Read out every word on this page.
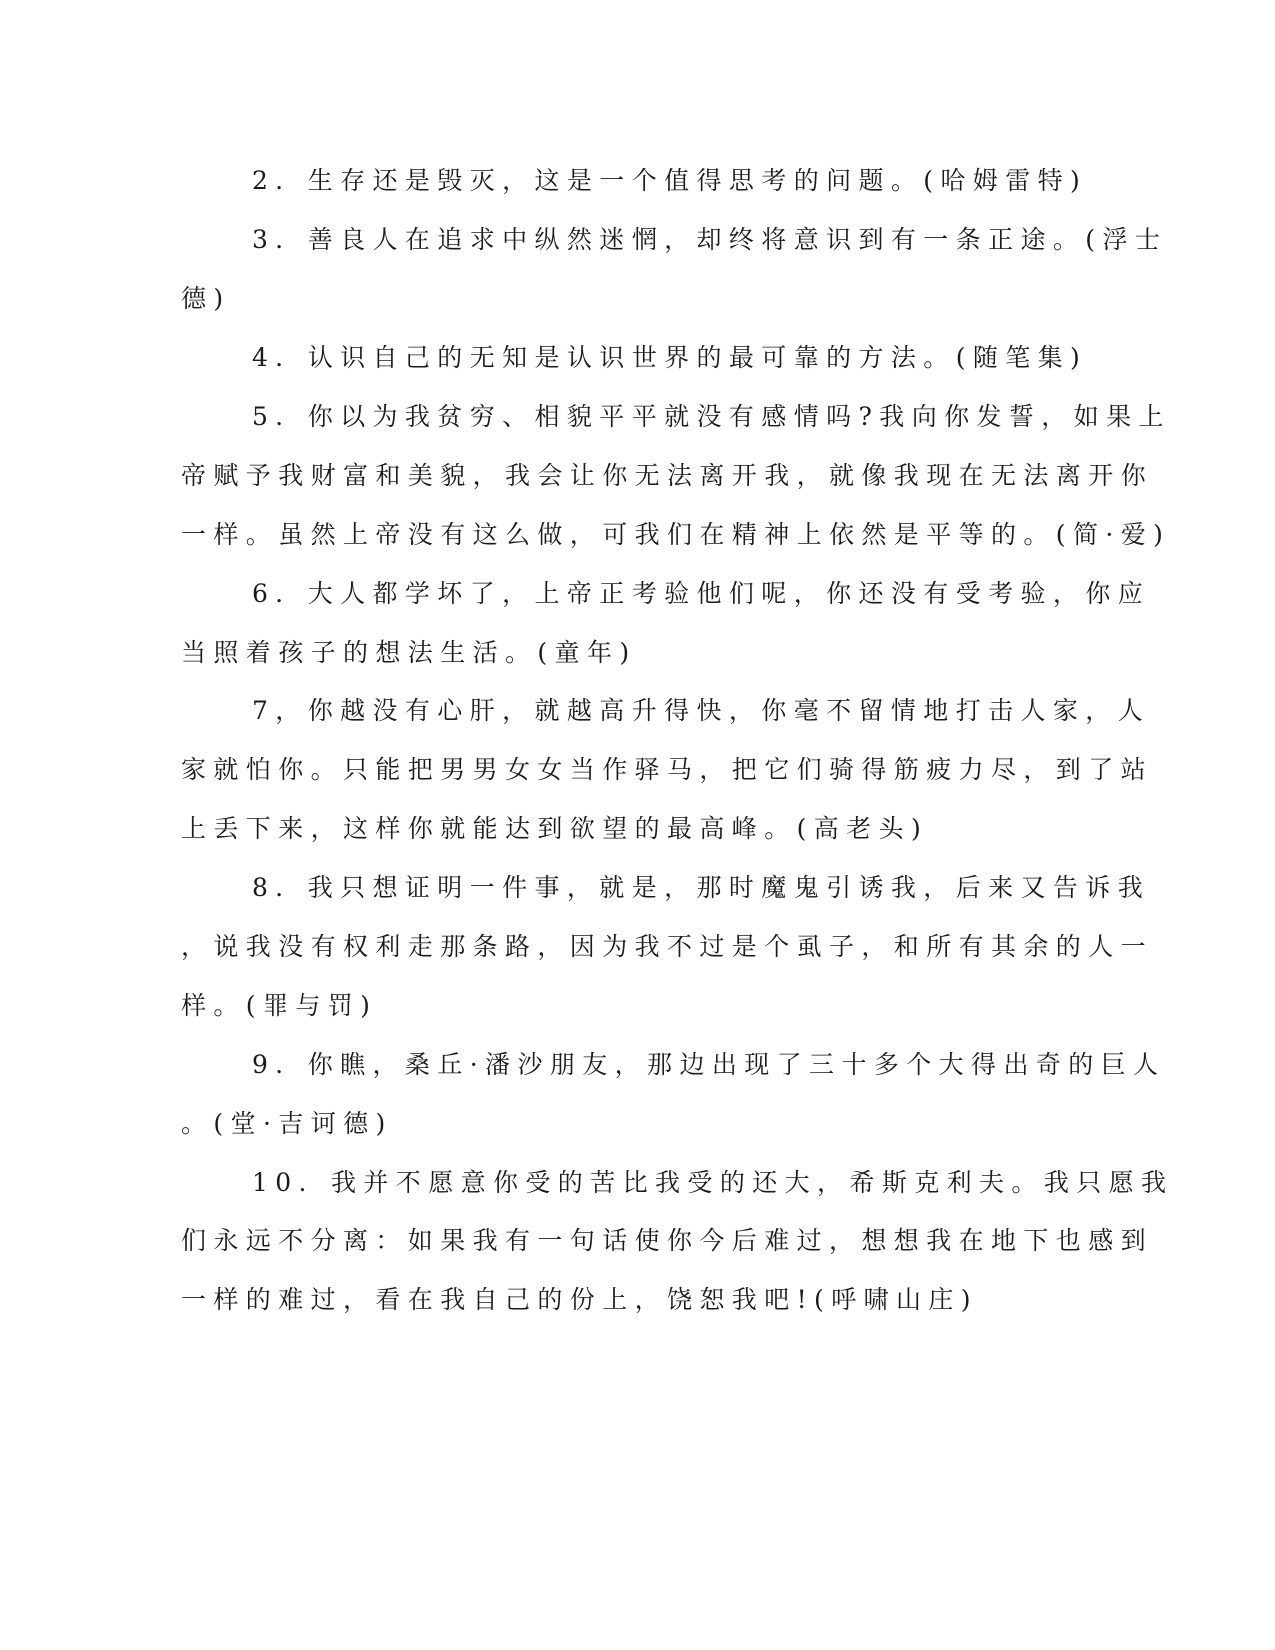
2．生存还是毁灭，这是一个值得思考的问题。(哈姆雷特)
3．善良人在追求中纵然迷惘，却终将意识到有一条正途。(浮士
德)
4．认识自己的无知是认识世界的最可靠的方法。(随笔集)
5．你以为我贫穷、相貌平平就没有感情吗?我向你发誓，如果上
帝赋予我财富和美貌，我会让你无法离开我，就像我现在无法离开你
一样。虽然上帝没有这么做，可我们在精神上依然是平等的。(简·爱)
6．大人都学坏了，上帝正考验他们呢，你还没有受考验，你应
当照着孩子的想法生活。(童年)
7，你越没有心肝，就越高升得快，你毫不留情地打击人家，人
家就怕你。只能把男男女女当作驿马，把它们骑得筋疲力尽，到了站
上丢下来，这样你就能达到欲望的最高峰。(高老头)
8．我只想证明一件事，就是，那时魔鬼引诱我，后来又告诉我
，说我没有权利走那条路，因为我不过是个虱子，和所有其余的人一
样。(罪与罚)
9．你瞧，桑丘·潘沙朋友，那边出现了三十多个大得出奇的巨人
。(堂·吉诃德)
10．我并不愿意你受的苦比我受的还大，希斯克利夫。我只愿我
们永远不分离：如果我有一句话使你今后难过，想想我在地下也感到
一样的难过，看在我自己的份上，饶恕我吧!(呼啸山庄)
